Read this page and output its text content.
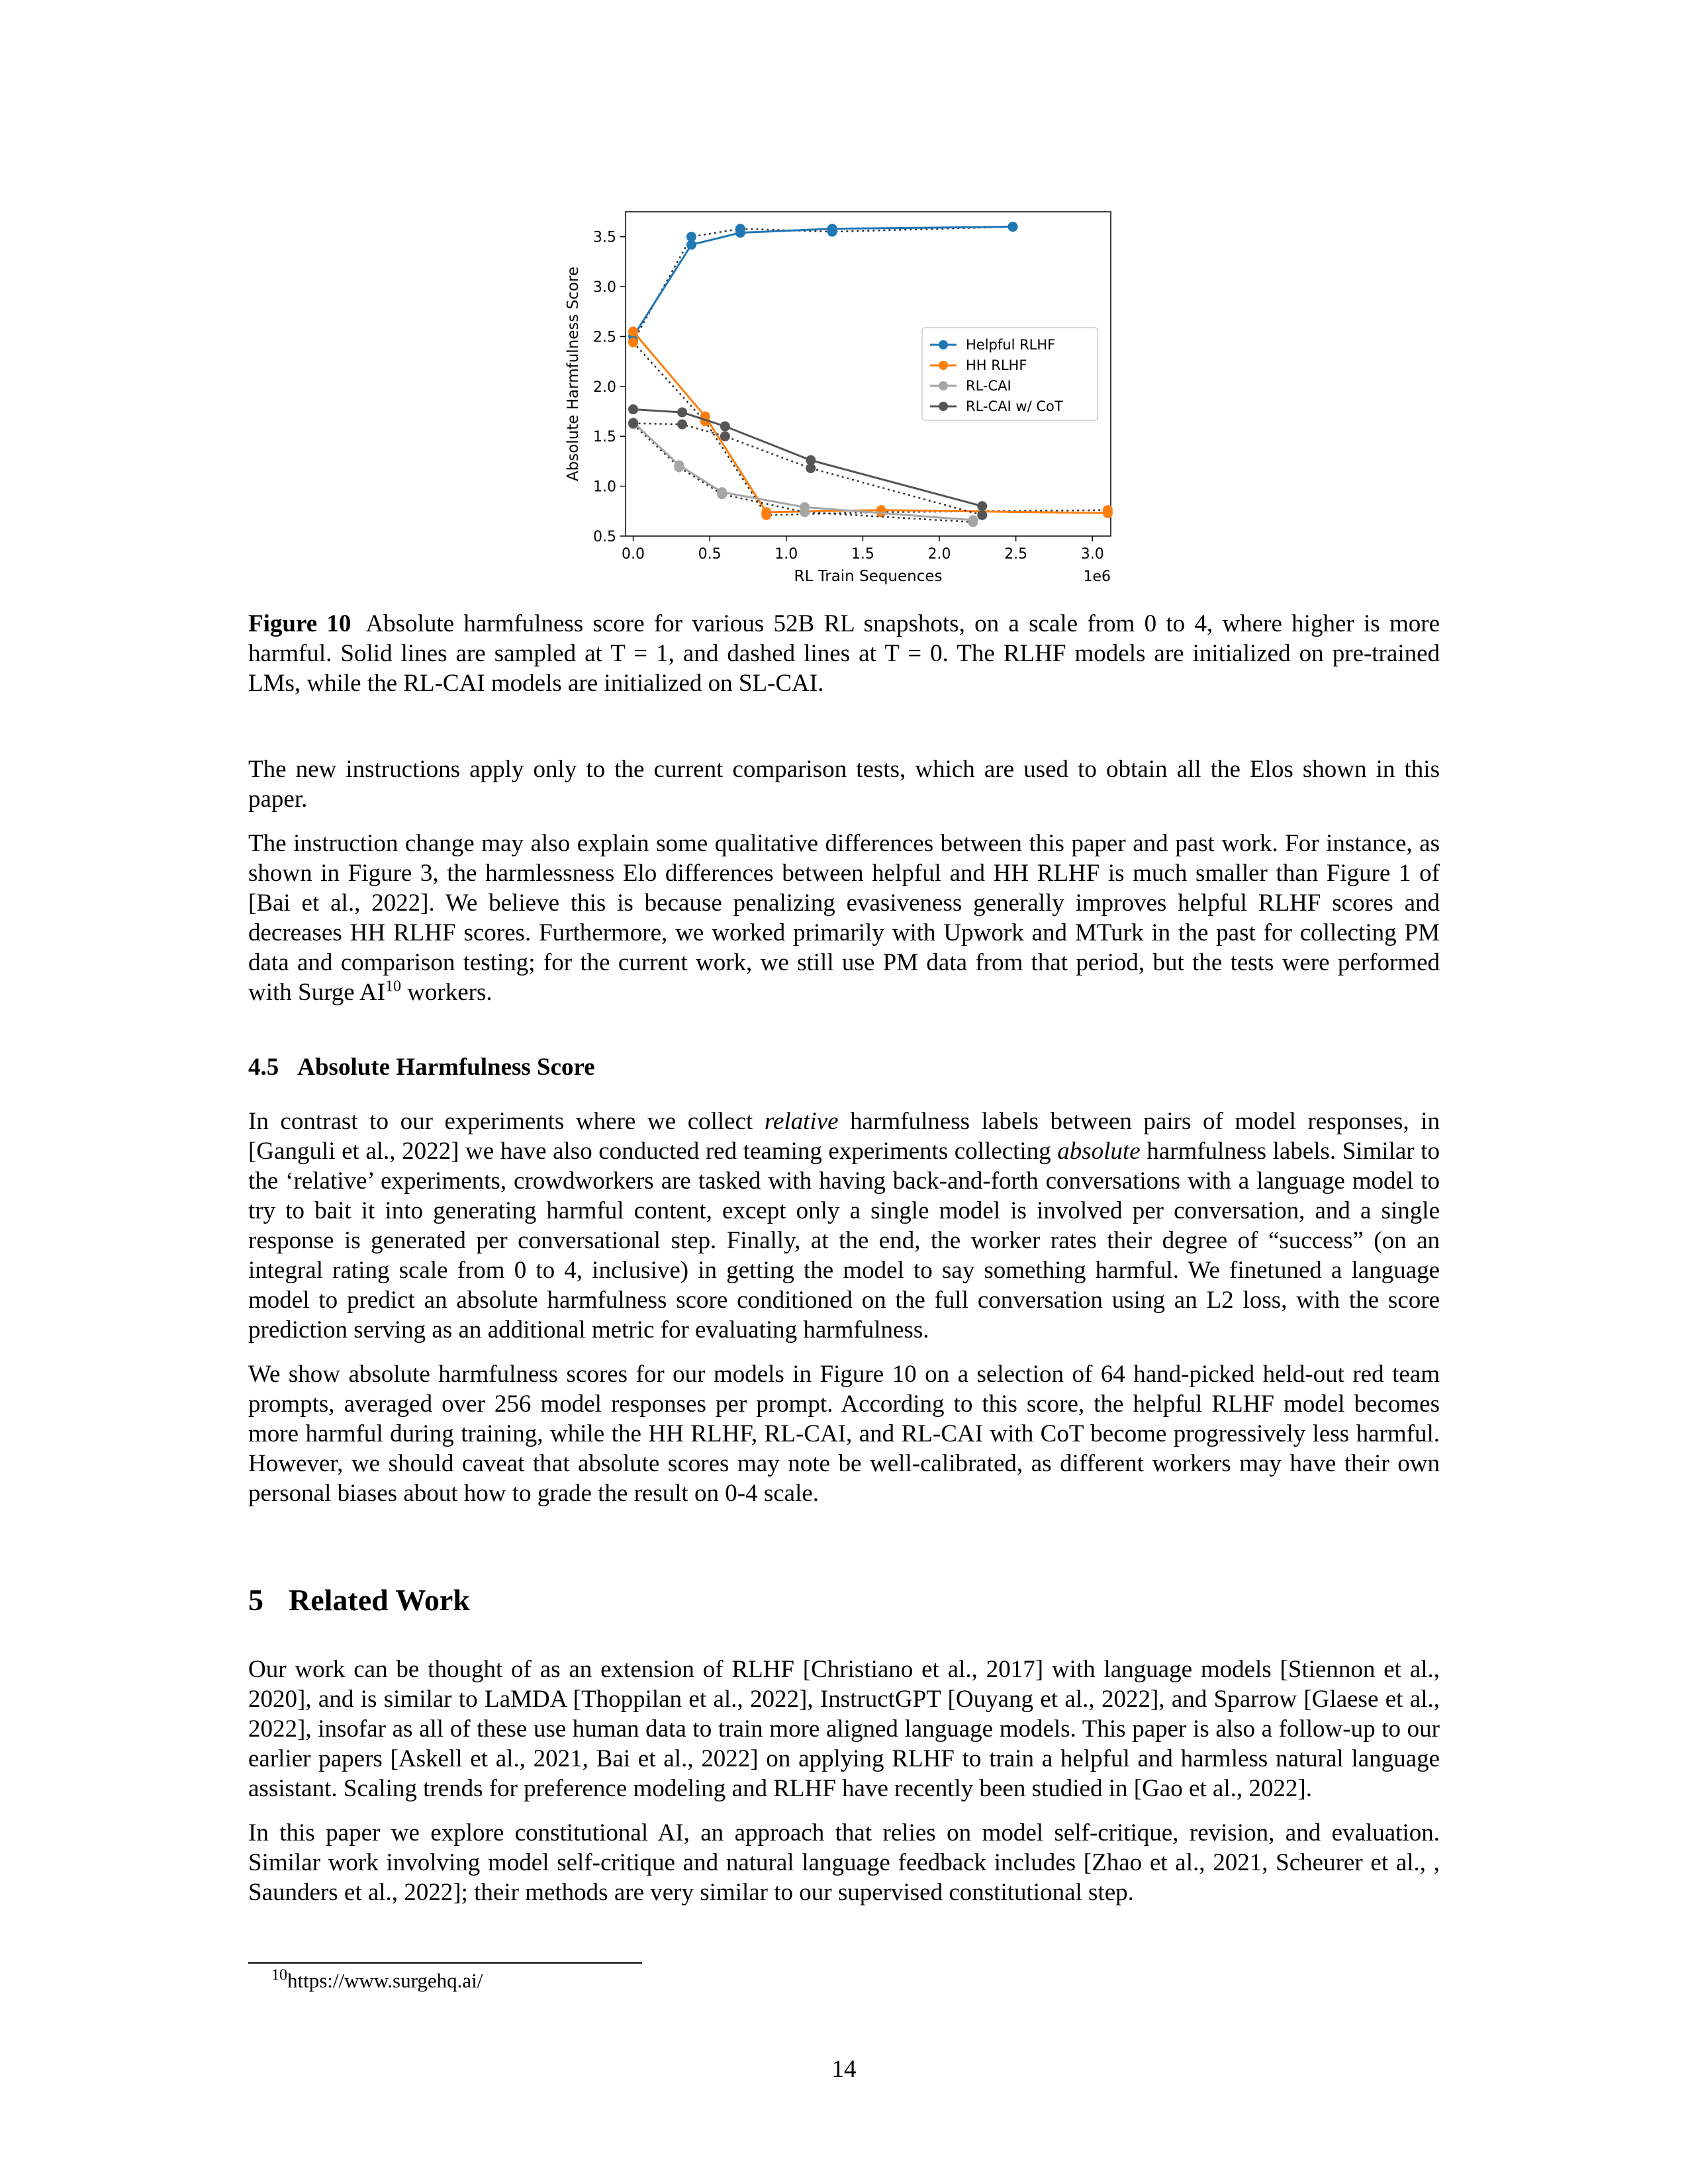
0.0	0.5	1.0	1.5	2.0	2.5	3.0
0.5
1.0
1.5
2.0
2.5
3.0
3.5
RL Train Sequences	1e6
Absolute Harmfulness Score	Helpful RLHF
HH RLHF
RL-CAI
RL-CAI w/ CoT
Figure 10 Absolute harmfulness score for various 52B RL snapshots, on a scale from 0 to 4, where higher is more harmful. Solid lines are sampled at T = 1, and dashed lines at T = 0. The RLHF models are initialized on pre-trained LMs, while the RL-CAI models are initialized on SL-CAI.

The new instructions apply only to the current comparison tests, which are used to obtain all the Elos shown in this paper.

The instruction change may also explain some qualitative differences between this paper and past work. For instance, as shown in Figure 3, the harmlessness Elo differences between helpful and HH RLHF is much smaller than Figure 1 of [Bai et al., 2022]. We believe this is because penalizing evasiveness generally improves helpful RLHF scores and decreases HH RLHF scores. Furthermore, we worked primarily with Upwork and MTurk in the past for collecting PM data and comparison testing; for the current work, we still use PM data from that period, but the tests were performed with Surge AI$^{10}$ workers.

4.5 Absolute Harmfulness Score

In contrast to our experiments where we collect relative harmfulness labels between pairs of model responses, in [Ganguli et al., 2022] we have also conducted red teaming experiments collecting absolute harmfulness labels. Similar to the ‘relative’ experiments, crowdworkers are tasked with having back-and-forth conversations with a language model to try to bait it into generating harmful content, except only a single model is involved per conversation, and a single response is generated per conversational step. Finally, at the end, the worker rates their degree of “success” (on an integral rating scale from 0 to 4, inclusive) in getting the model to say something harmful. We finetuned a language model to predict an absolute harmfulness score conditioned on the full conversation using an L2 loss, with the score prediction serving as an additional metric for evaluating harmfulness.

We show absolute harmfulness scores for our models in Figure 10 on a selection of 64 hand-picked held-out red team prompts, averaged over 256 model responses per prompt. According to this score, the helpful RLHF model becomes more harmful during training, while the HH RLHF, RL-CAI, and RL-CAI with CoT become progressively less harmful. However, we should caveat that absolute scores may note be well-calibrated, as different workers may have their own personal biases about how to grade the result on 0-4 scale.

5 Related Work

Our work can be thought of as an extension of RLHF [Christiano et al., 2017] with language models [Stiennon et al., 2020], and is similar to LaMDA [Thoppilan et al., 2022], InstructGPT [Ouyang et al., 2022], and Sparrow [Glaese et al., 2022], insofar as all of these use human data to train more aligned language models. This paper is also a follow-up to our earlier papers [Askell et al., 2021, Bai et al., 2022] on applying RLHF to train a helpful and harmless natural language assistant. Scaling trends for preference modeling and RLHF have recently been studied in [Gao et al., 2022].

In this paper we explore constitutional AI, an approach that relies on model self-critique, revision, and evaluation. Similar work involving model self-critique and natural language feedback includes [Zhao et al., 2021, Scheurer et al., , Saunders et al., 2022]; their methods are very similar to our supervised constitutional step.

$^{10}$https://www.surgehq.ai/
14
